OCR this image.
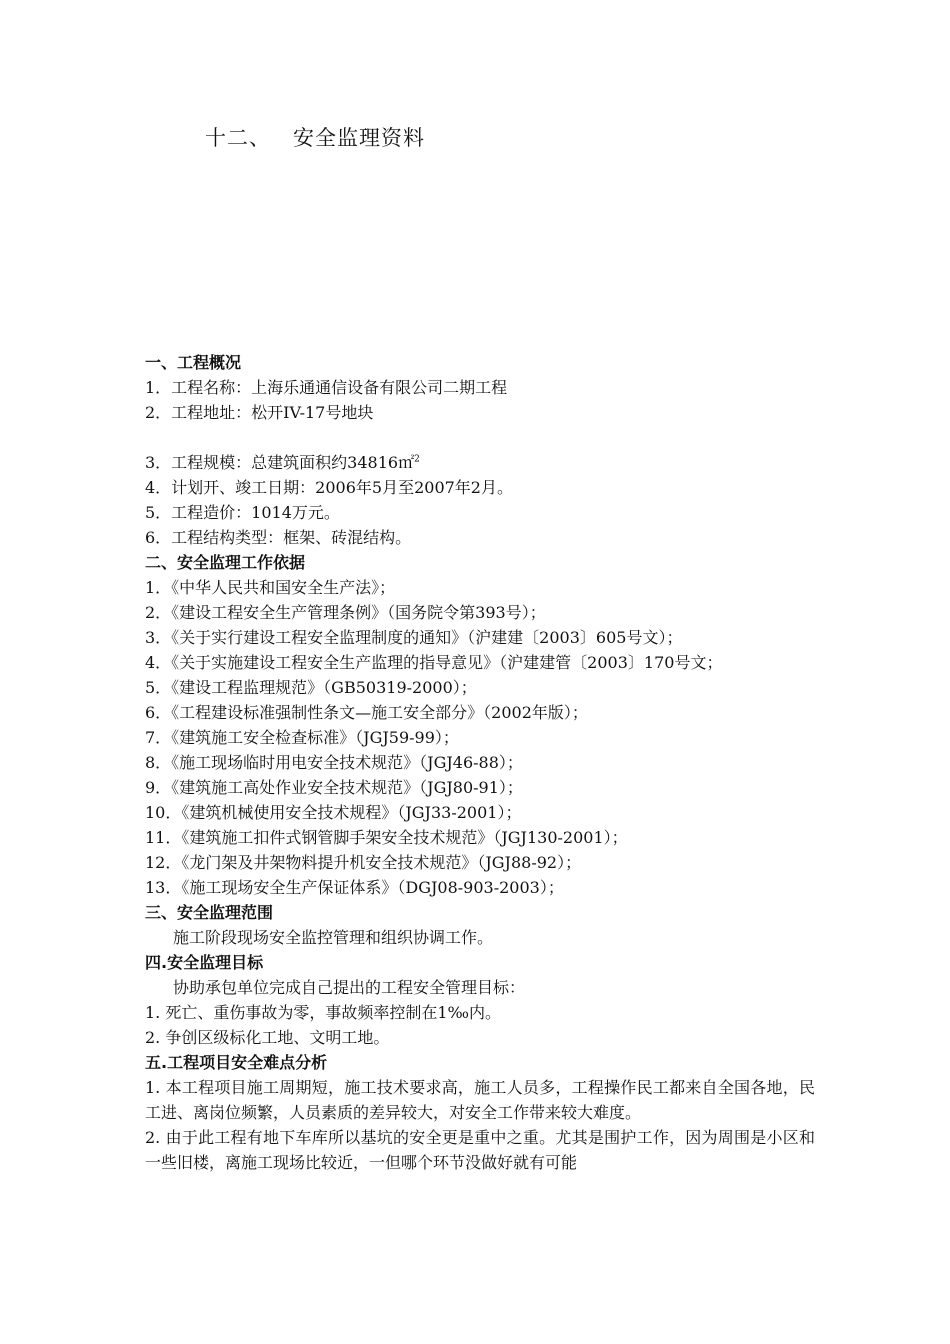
十二、 安全监理资料

一、工程概况

1．工程名称：上海乐通通信设备有限公司二期工程

2．工程地址：松开IV-17号地块

3．工程规模：总建筑面积约34816㎡$^2$

4．计划开、竣工日期：2006年5月至2007年2月。

5．工程造价：1014万元。

6．工程结构类型：框架、砖混结构。

二、安全监理工作依据

1．《中华人民共和国安全生产法》；

2．《建设工程安全生产管理条例》（国务院令第393号）；

3．《关于实行建设工程安全监理制度的通知》（沪建建〔2003〕605号文）；

4．《关于实施建设工程安全生产监理的指导意见》（沪建建管〔2003〕170号文；

5．《建设工程监理规范》（GB50319-2000）；

6．《工程建设标准强制性条文—施工安全部分》（2002年版）；

7．《建筑施工安全检查标准》（JGJ59-99）；

8．《施工现场临时用电安全技术规范》（JGJ46-88）；

9．《建筑施工高处作业安全技术规范》（JGJ80-91）；

10．《建筑机械使用安全技术规程》（JGJ33-2001）；

11．《建筑施工扣件式钢管脚手架安全技术规范》（JGJ130-2001）；

12．《龙门架及井架物料提升机安全技术规范》（JGJ88-92）；

13．《施工现场安全生产保证体系》（DGJ08-903-2003）；

三、安全监理范围

施工阶段现场安全监控管理和组织协调工作。

四.安全监理目标

协助承包单位完成自己提出的工程安全管理目标：

1. 死亡、重伤事故为零，事故频率控制在1‰内。

2. 争创区级标化工地、文明工地。

五.工程项目安全难点分析

1. 本工程项目施工周期短，施工技术要求高，施工人员多，工程操作民工都来自全国各地，民工进、离岗位频繁，人员素质的差异较大，对安全工作带来较大难度。

2. 由于此工程有地下车库所以基坑的安全更是重中之重。尤其是围护工作，因为周围是小区和一些旧楼，离施工现场比较近，一但哪个环节没做好就有可能
